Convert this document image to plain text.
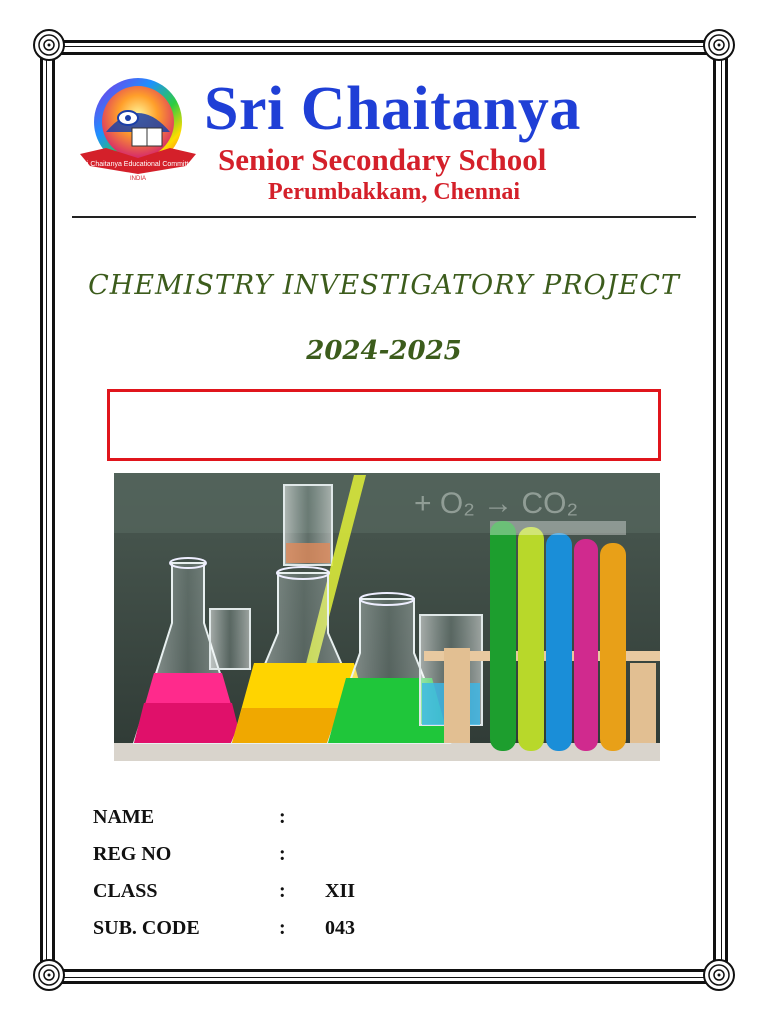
Sri Chaitanya Educational Committee
INDIA
Sri Chaitanya
Senior Secondary School
Perumbakkam, Chennai
CHEMISTRY INVESTIGATORY PROJECT
2024-2025
+ O₂ → CO₂
NAME	:
REG NO	:
CLASS	: XII
SUB. CODE	: 043
